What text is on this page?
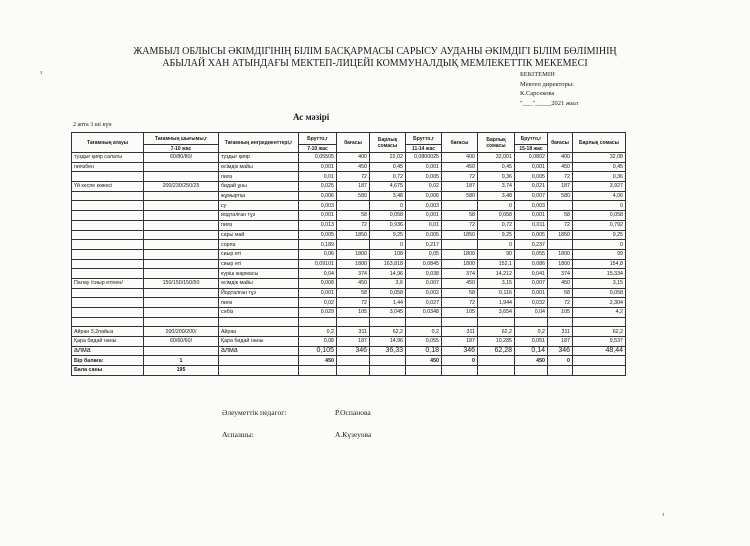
ЖАМБЫЛ ОБЛЫСЫ ӘКІМДІГІНІҢ БІЛІМ БАСҚАРМАСЫ САРЫСУ АУДАНЫ ӘКІМДІГІ БІЛІМ БӨЛІМІНІҢ
АБЫЛАЙ ХАН АТЫНДАҒЫ МЕКТЕП-ЛИЦЕЙІ КОММУНАЛДЫҚ МЕМЛЕКЕТТІК МЕКЕМЕСІ
з
з
БЕКІТЕМІН
Мектеп директоры:
К.Сарсекова
"___"_____2021 жыл
Ас мәзірі
2 апта 3 ші күн
Тағамның атауы	Тағамның шығымы,г	Тағамның ингредиенттері,г	Брутто,г	бағасы	Барлық сомасы	Брутто,г	бағасы	Барлық сомасы	Брутто,г	бағасы	Барлық сомасы
	7-10 жас		7-10 жас			11-14 жас			15-18 жас		
туздығ қияр салаты	60/80/80/	туздығ қияр	0,05505	400	22,02	0,0800025	400	32,001	0,0802	400	32,08
пиязбен		өсімдік майы	0,001	450	0,45	0,001	450	0,45	0,001	450	0,45
		пияз	0,01	72	0,72	0,005	72	0,36	0,005	72	0,36
Үй кеспе көжесі	200/230/250/25	бидай ұны	0,025	187	4,675	0,02	187	3,74	0,021	187	3,927
		жұмыртқа	0,006	580	3,48	0,006	580	3,48	0,007	580	4,06
		су	0,003		0	0,003		0	0,003		0
		иодталған тұз	0,001	58	0,058	0,001	58	0,058	0,001	58	0,058
		пияз	0,013	72	0,936	0,01	72	0,72	0,011	72	0,792
		сары май	0,005	1850	9,25	0,005	1850	9,25	0,005	1850	9,25
		сорпа	0,189		0	0,217		0	0,237		0
		сиыр еті	0,06	1800	108	0,05	1800	90	0,055	1800	99
		сиыр еті	0,09101	1800	163,818	0,0845	1800	152,1	0,086	1800	154,8
		күріш жармасы	0,04	374	14,96	0,038	374	14,212	0,041	374	15,334
Палау /сиыр етінен/	150/150/150/50	өсімдік майы	0,008	450	3,6	0,007	450	3,15	0,007	450	3,15
		Йодталған тұз	0,001	58	0,058	0,002	58	0,116	0,001	58	0,058
		пияз	0,02	72	1,44	0,027	72	1,944	0,032	72	2,304
		сәбіз	0,029	105	3,045	0,0348	105	3,654	0,04	105	4,2

Айран 3,2пайыз	200/200/200/	Айран	0,2	311	62,2	0,2	311	62,2	0,2	311	62,2
Қара бидай наны	60/60/60/	Қара бидай наны	0,08	187	14,96	0,055	187	10,285	0,051	187	9,537
алма		алма	0,105	346	36,33	0,18	346	62,28	0,14	346	48,44
Бір балаға:	1		450			450	0		450	0	
Бала саны	195										
Әлеуметтік педагог:	Р.Оспанова
Аспазшы:	А.Күзеуова
